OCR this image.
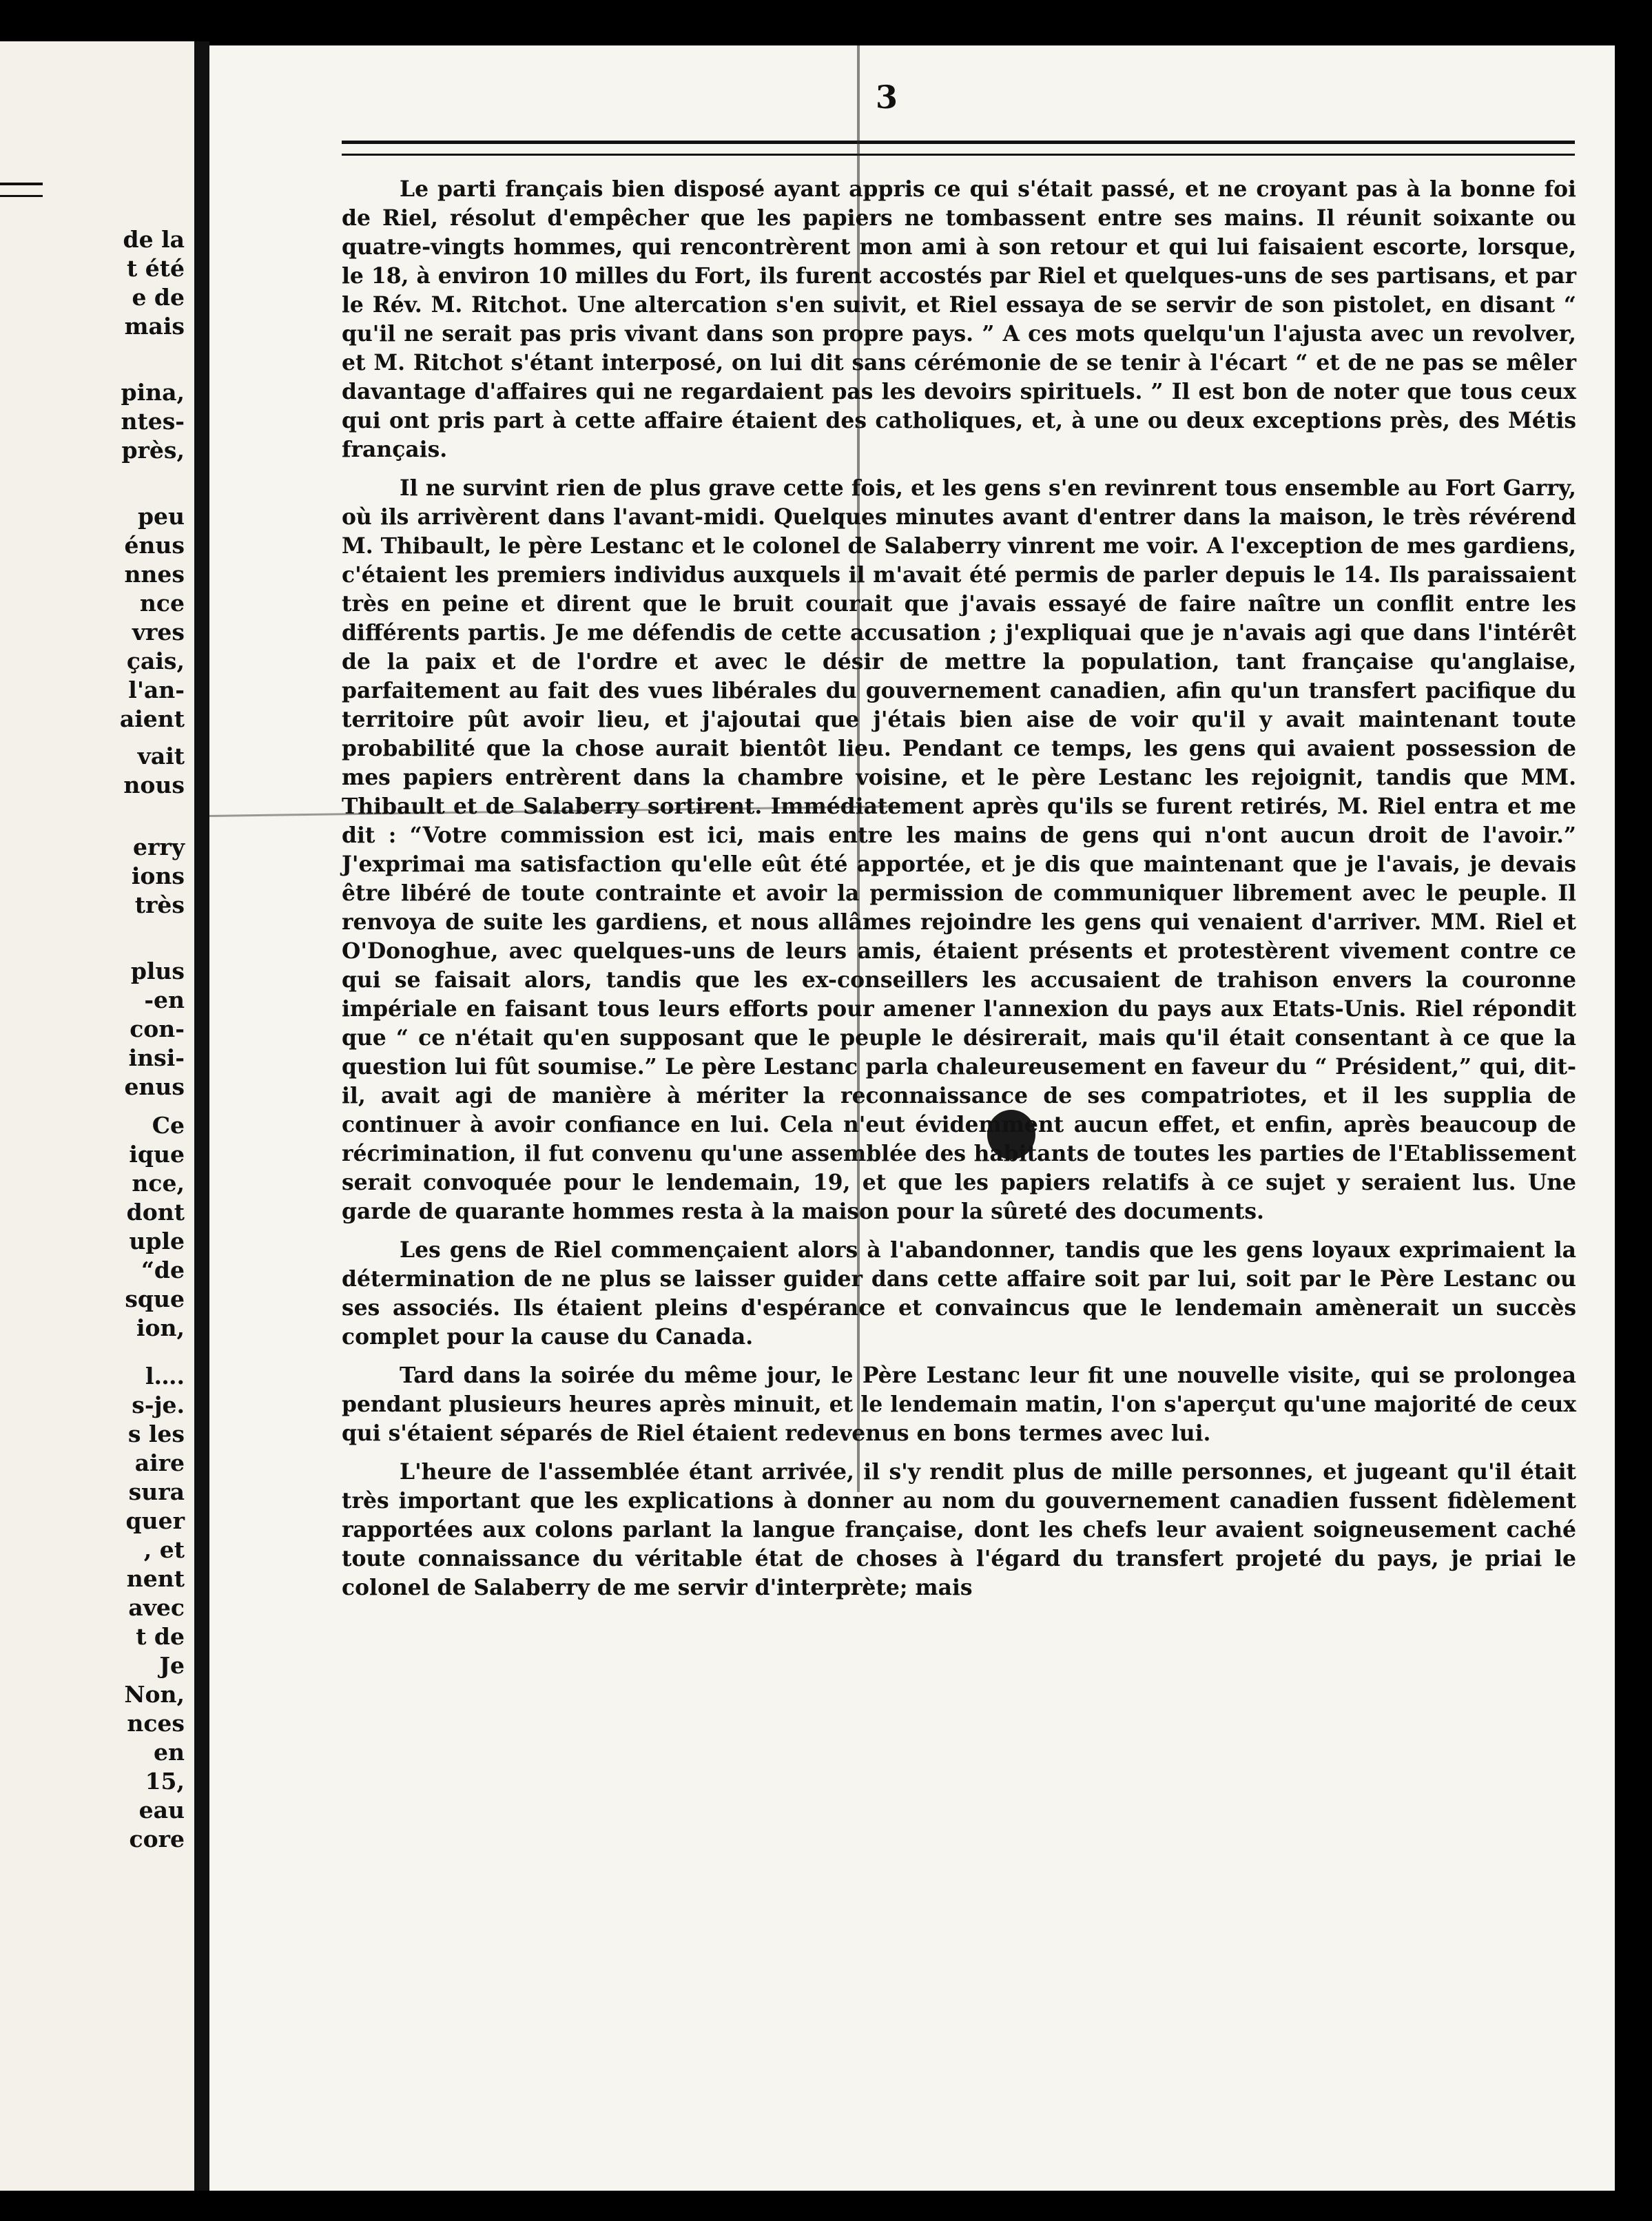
de la
t été
e de
mais
pina,
ntes-
près,
peu
énus
nnes
nce
vres
çais,
l'an-
aient
vait
nous
erry
ions
très
plus
-en
con-
insi-
enus
Ce
ique
nce,
dont
uple
“de
sque
ion,
l….
s-je.
s les
aire
sura
quer
, et
nent
avec
t de
Je
Non,
nces
en
15,
eau
core
3

Le parti français bien disposé ayant appris ce qui s'était passé, et ne croyant pas à la bonne foi de Riel, résolut d'empêcher que les papiers ne tombassent entre ses mains. Il réunit soixante ou quatre-vingts hommes, qui rencontrèrent mon ami à son retour et qui lui faisaient escorte, lorsque, le 18, à environ 10 milles du Fort, ils furent accostés par Riel et quelques-uns de ses partisans, et par le Rév. M. Ritchot. Une altercation s'en suivit, et Riel essaya de se servir de son pistolet, en disant “ qu'il ne serait pas pris vivant dans son propre pays. ” A ces mots quelqu'un l'ajusta avec un revolver, et M. Ritchot s'étant interposé, on lui dit sans cérémonie de se tenir à l'écart “ et de ne pas se mêler davantage d'affaires qui ne regardaient pas les devoirs spirituels. ” Il est bon de noter que tous ceux qui ont pris part à cette affaire étaient des catholiques, et, à une ou deux exceptions près, des Métis français.

Il ne survint rien de plus grave cette fois, et les gens s'en revinrent tous ensemble au Fort Garry, où ils arrivèrent dans l'avant-midi. Quelques minutes avant d'entrer dans la maison, le très révérend M. Thibault, le père Lestanc et le colonel de Salaberry vinrent me voir. A l'exception de mes gardiens, c'étaient les premiers individus auxquels il m'avait été permis de parler depuis le 14. Ils paraissaient très en peine et dirent que le bruit courait que j'avais essayé de faire naître un conflit entre les différents partis. Je me défendis de cette accusation ; j'expliquai que je n'avais agi que dans l'intérêt de la paix et de l'ordre et avec le désir de mettre la population, tant française qu'anglaise, parfaitement au fait des vues libérales du gouvernement canadien, afin qu'un transfert pacifique du territoire pût avoir lieu, et j'ajoutai que j'étais bien aise de voir qu'il y avait maintenant toute probabilité que la chose aurait bientôt lieu. Pendant ce temps, les gens qui avaient possession de mes papiers entrèrent dans la chambre voisine, et le père Lestanc les rejoignit, tandis que MM. Thibault et de Salaberry sortirent. Immédiatement après qu'ils se furent retirés, M. Riel entra et me dit : “Votre commission est ici, mais entre les mains de gens qui n'ont aucun droit de l'avoir.” J'exprimai ma satisfaction qu'elle eût été apportée, et je dis que maintenant que je l'avais, je devais être libéré de toute contrainte et avoir la permission de communiquer librement avec le peuple. Il renvoya de suite les gardiens, et nous allâmes rejoindre les gens qui venaient d'arriver. MM. Riel et O'Donoghue, avec quelques-uns de leurs amis, étaient présents et protestèrent vivement contre ce qui se faisait alors, tandis que les ex-conseillers les accusaient de trahison envers la couronne impériale en faisant tous leurs efforts pour amener l'annexion du pays aux Etats-Unis. Riel répondit que “ ce n'était qu'en supposant que le peuple le désirerait, mais qu'il était consentant à ce que la question lui fût soumise.” Le père Lestanc parla chaleureusement en faveur du “ Président,” qui, dit-il, avait agi de manière à mériter la reconnaissance de ses compatriotes, et il les supplia de continuer à avoir confiance en lui. Cela n'eut évidemment aucun effet, et enfin, après beaucoup de récrimination, il fut convenu qu'une assemblée des habitants de toutes les parties de l'Etablissement serait convoquée pour le lendemain, 19, et que les papiers relatifs à ce sujet y seraient lus. Une garde de quarante hommes resta à la maison pour la sûreté des documents.

Les gens de Riel commençaient alors à l'abandonner, tandis que les gens loyaux exprimaient la détermination de ne plus se laisser guider dans cette affaire soit par lui, soit par le Père Lestanc ou ses associés. Ils étaient pleins d'espérance et convaincus que le lendemain amènerait un succès complet pour la cause du Canada.

Tard dans la soirée du même jour, le Père Lestanc leur fit une nouvelle visite, qui se prolongea pendant plusieurs heures après minuit, et le lendemain matin, l'on s'aperçut qu'une majorité de ceux qui s'étaient séparés de Riel étaient redevenus en bons termes avec lui.

L'heure de l'assemblée étant arrivée, il s'y rendit plus de mille personnes, et jugeant qu'il était très important que les explications à donner au nom du gouvernement canadien fussent fidèlement rapportées aux colons parlant la langue française, dont les chefs leur avaient soigneusement caché toute connaissance du véritable état de choses à l'égard du transfert projeté du pays, je priai le colonel de Salaberry de me servir d'interprète; mais
